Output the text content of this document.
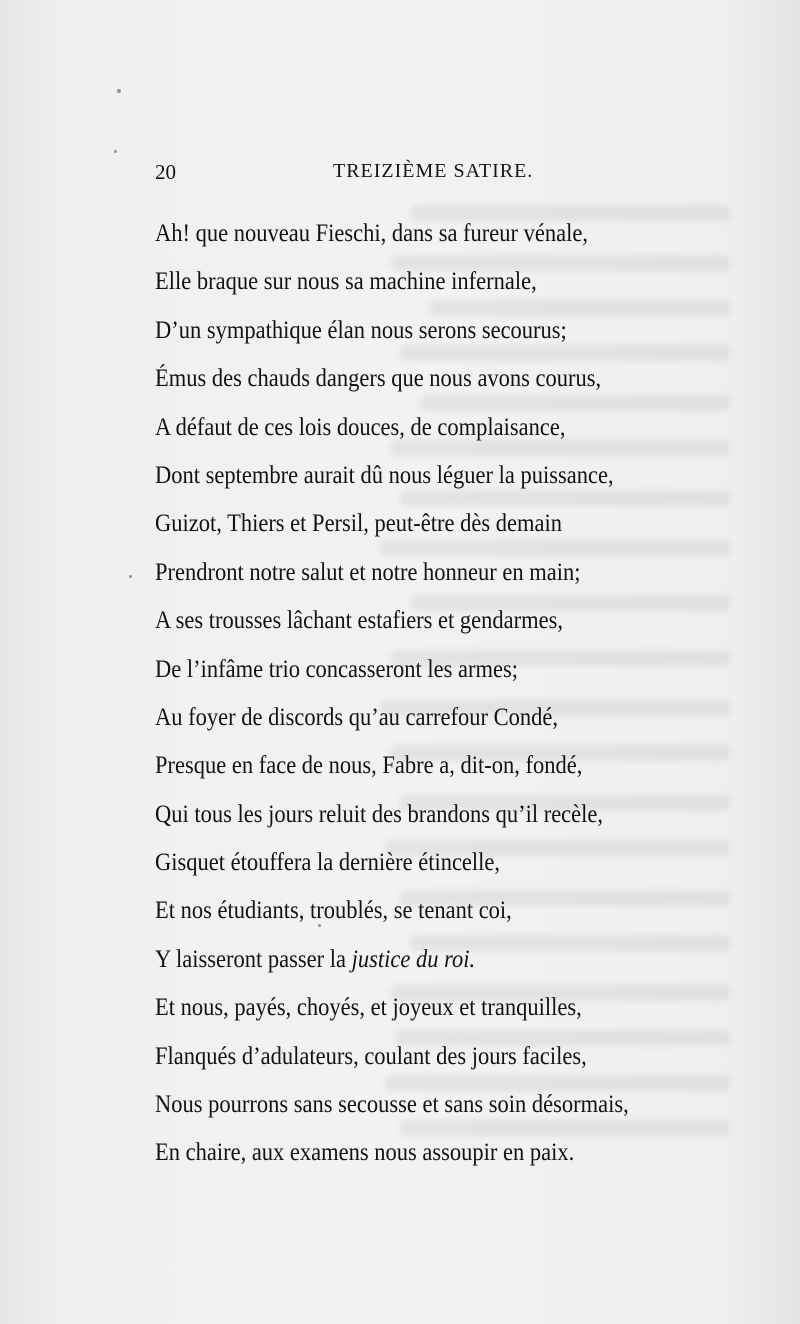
20	TREIZIÈME SATIRE.
Ah! que nouveau Fieschi, dans sa fureur vénale,
Elle braque sur nous sa machine infernale,
D’un sympathique élan nous serons secourus;
Émus des chauds dangers que nous avons courus,
A défaut de ces lois douces, de complaisance,
Dont septembre aurait dû nous léguer la puissance,
Guizot, Thiers et Persil, peut-être dès demain
Prendront notre salut et notre honneur en main;
A ses trousses lâchant estafiers et gendarmes,
De l’infâme trio concasseront les armes;
Au foyer de discords qu’au carrefour Condé,
Presque en face de nous, Fabre a, dit-on, fondé,
Qui tous les jours reluit des brandons qu’il recèle,
Gisquet étouffera la dernière étincelle,
Et nos étudiants, troublés, se tenant coi,
Y laisseront passer la justice du roi.
Et nous, payés, choyés, et joyeux et tranquilles,
Flanqués d’adulateurs, coulant des jours faciles,
Nous pourrons sans secousse et sans soin désormais,
En chaire, aux examens nous assoupir en paix.
